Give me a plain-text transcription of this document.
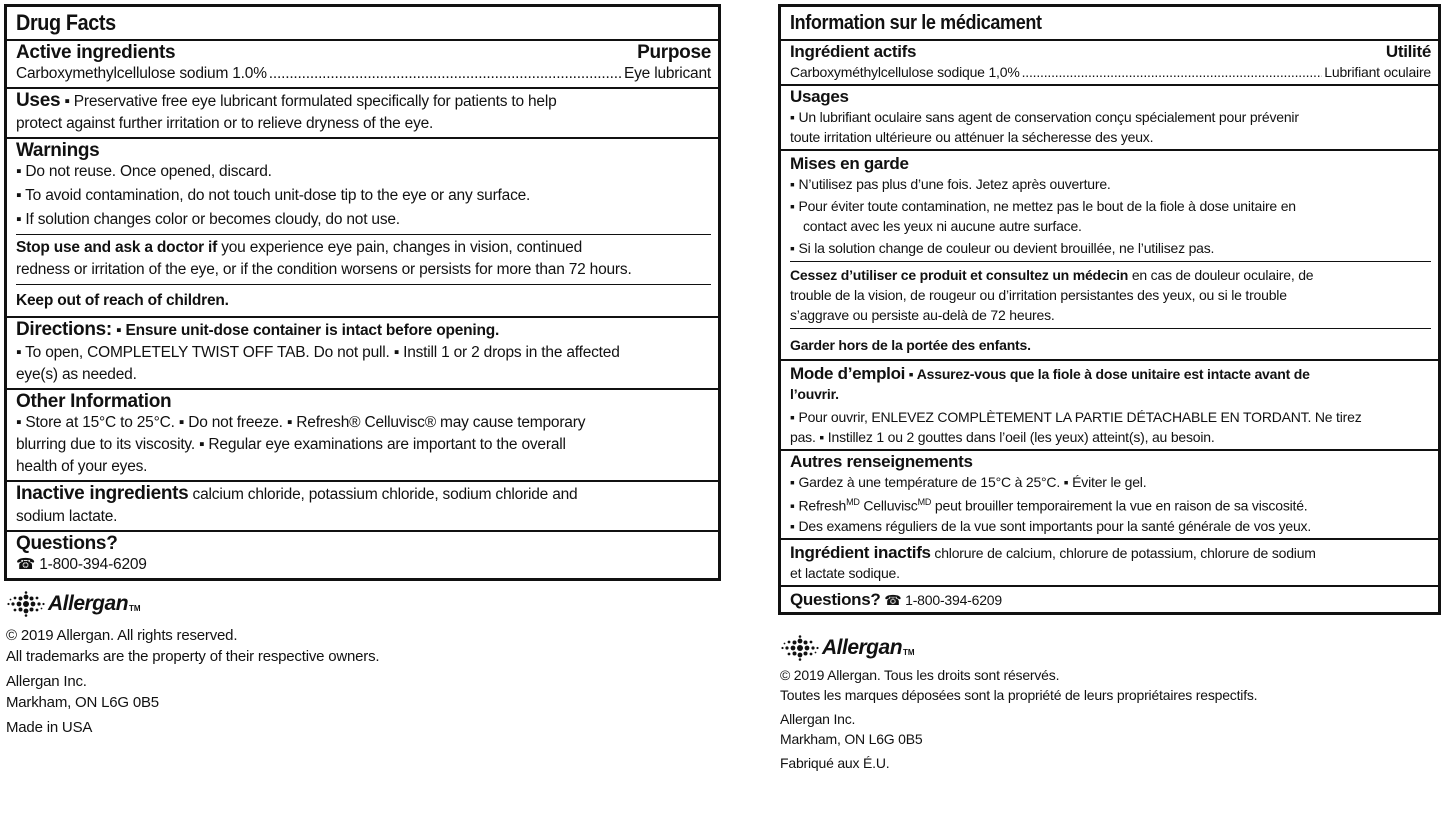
Drug Facts
Active ingredients	Purpose
Carboxymethylcellulose sodium 1.0% .....	Eye lubricant
Uses ▪ Preservative free eye lubricant formulated specifically for patients to help
protect against further irritation or to relieve dryness of the eye.
Warnings
▪ Do not reuse. Once opened, discard.
▪ To avoid contamination, do not touch unit-dose tip to the eye or any surface.
▪ If solution changes color or becomes cloudy, do not use.
Stop use and ask a doctor if you experience eye pain, changes in vision, continued
redness or irritation of the eye, or if the condition worsens or persists for more than 72 hours.
Keep out of reach of children.
Directions: ▪ Ensure unit-dose container is intact before opening.
▪ To open, COMPLETELY TWIST OFF TAB. Do not pull. ▪ Instill 1 or 2 drops in the affected
eye(s) as needed.
Other Information
▪ Store at 15°C to 25°C. ▪ Do not freeze. ▪ Refresh® Celluvisc® may cause temporary
blurring due to its viscosity. ▪ Regular eye examinations are important to the overall
health of your eyes.
Inactive ingredients calcium chloride, potassium chloride, sodium chloride and
sodium lactate.
Questions?
☎ 1-800-394-6209
Allergan TM
© 2019 Allergan. All rights reserved.
All trademarks are the property of their respective owners.
Allergan Inc.
Markham, ON L6G 0B5
Made in USA
Information sur le médicament
Ingrédient actifs	Utilité
Carboxyméthylcellulose sodique 1,0% .....	Lubrifiant oculaire
Usages
▪ Un lubrifiant oculaire sans agent de conservation conçu spécialement pour prévenir
toute irritation ultérieure ou atténuer la sécheresse des yeux.
Mises en garde
▪ N’utilisez pas plus d’une fois. Jetez après ouverture.
▪ Pour éviter toute contamination, ne mettez pas le bout de la fiole à dose unitaire en
contact avec les yeux ni aucune autre surface.
▪ Si la solution change de couleur ou devient brouillée, ne l’utilisez pas.
Cessez d’utiliser ce produit et consultez un médecin en cas de douleur oculaire, de
trouble de la vision, de rougeur ou d’irritation persistantes des yeux, ou si le trouble
s’aggrave ou persiste au-delà de 72 heures.
Garder hors de la portée des enfants.
Mode d’emploi ▪ Assurez-vous que la fiole à dose unitaire est intacte avant de
l’ouvrir.
▪ Pour ouvrir, ENLEVEZ COMPLÈTEMENT LA PARTIE DÉTACHABLE EN TORDANT. Ne tirez
pas. ▪ Instillez 1 ou 2 gouttes dans l’oeil (les yeux) atteint(s), au besoin.
Autres renseignements
▪ Gardez à une température de 15°C à 25°C. ▪ Éviter le gel.
▪ Refresh$^{MD}$ Celluvisc$^{MD}$ peut brouiller temporairement la vue en raison de sa viscosité.
▪ Des examens réguliers de la vue sont importants pour la santé générale de vos yeux.
Ingrédient inactifs chlorure de calcium, chlorure de potassium, chlorure de sodium
et lactate sodique.
Questions? ☎ 1-800-394-6209
Allergan TM
© 2019 Allergan. Tous les droits sont réservés.
Toutes les marques déposées sont la propriété de leurs propriétaires respectifs.
Allergan Inc.
Markham, ON L6G 0B5
Fabriqué aux É.U.
